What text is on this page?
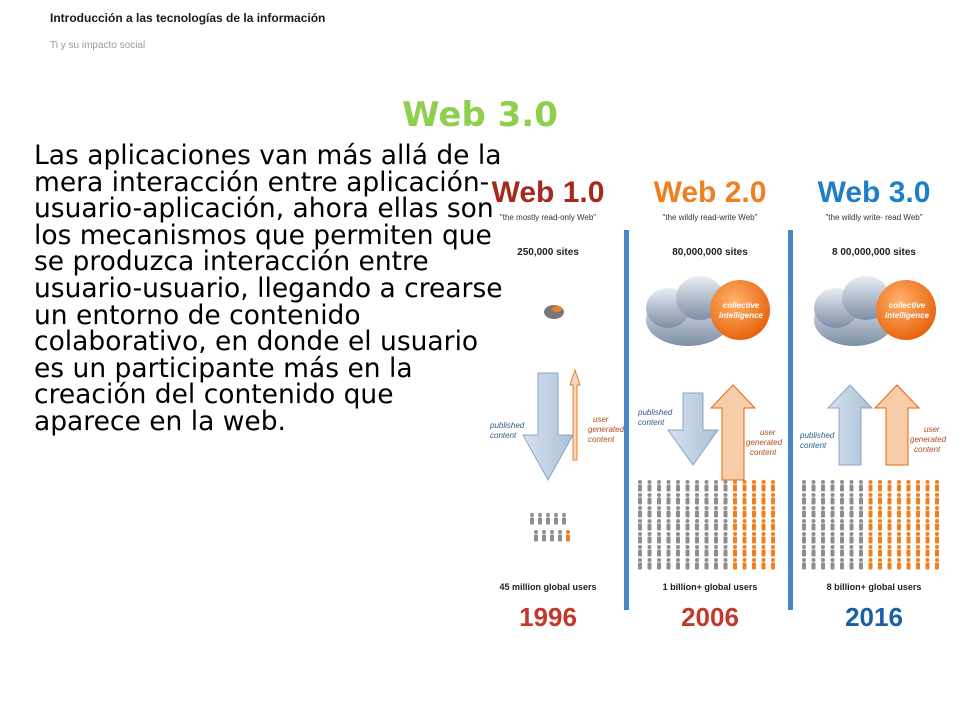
Introducción a las tecnologías de la información
Ti y su impacto social
Web 3.0
Las aplicaciones van más allá de la mera interacción entre aplicación-usuario-aplicación, ahora ellas son los mecanismos que permiten que se produzca interacción entre usuario-usuario, llegando a crearse un entorno de contenido colaborativo, en donde el usuario es un participante más en la creación del contenido que aparece en la web.
Web 1.0
"the mostly read-only Web"
250,000 sites
published
content
user
generated
content
45 million global users
1996
Web 2.0
"the wildly read-write Web"
80,000,000 sites
collective
intelligence
published
content
user
generated
content
1 billion+ global users
2006
Web 3.0
"the wildly write- read Web"
8 00,000,000 sites
collective
intelligence
published
content
user
generated
content
8 billion+ global users
2016
